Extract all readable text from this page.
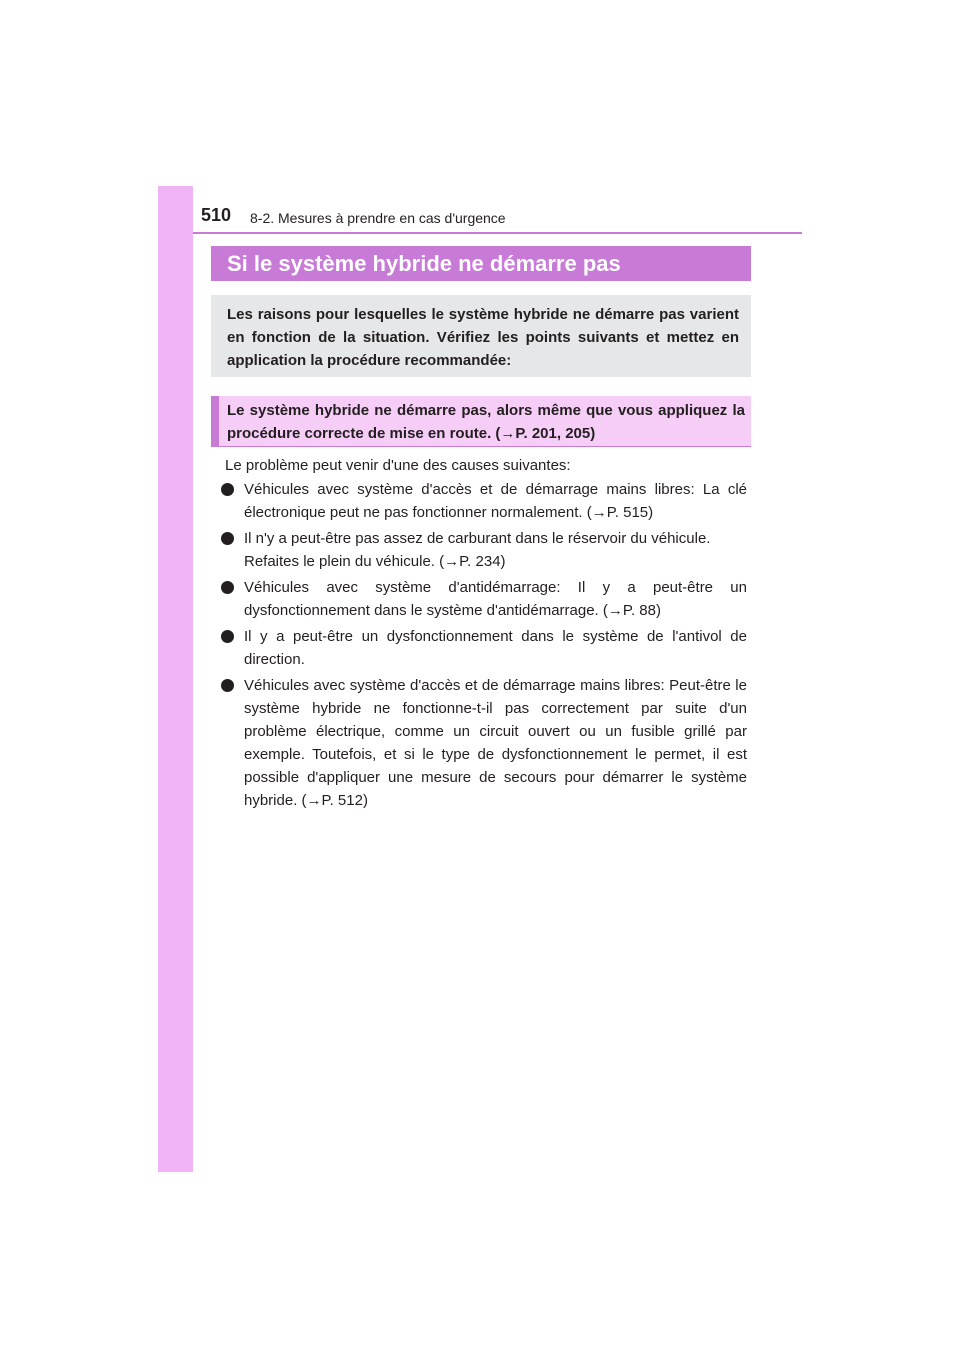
510 8-2. Mesures à prendre en cas d'urgence
Si le système hybride ne démarre pas
Les raisons pour lesquelles le système hybride ne démarre pas varient en fonction de la situation. Vérifiez les points suivants et mettez en application la procédure recommandée:
Le système hybride ne démarre pas, alors même que vous appliquez la procédure correcte de mise en route. (→P. 201, 205)
Le problème peut venir d'une des causes suivantes:
Véhicules avec système d'accès et de démarrage mains libres: La clé électronique peut ne pas fonctionner normalement. (→P. 515)
Il n'y a peut-être pas assez de carburant dans le réservoir du véhicule.
Refaites le plein du véhicule. (→P. 234)
Véhicules avec système d'antidémarrage: Il y a peut-être un dysfonctionnement dans le système d'antidémarrage. (→P. 88)
Il y a peut-être un dysfonctionnement dans le système de l'antivol de direction.
Véhicules avec système d'accès et de démarrage mains libres: Peut-être le système hybride ne fonctionne-t-il pas correctement par suite d'un problème électrique, comme un circuit ouvert ou un fusible grillé par exemple. Toutefois, et si le type de dysfonctionnement le permet, il est possible d'appliquer une mesure de secours pour démarrer le système hybride. (→P. 512)
